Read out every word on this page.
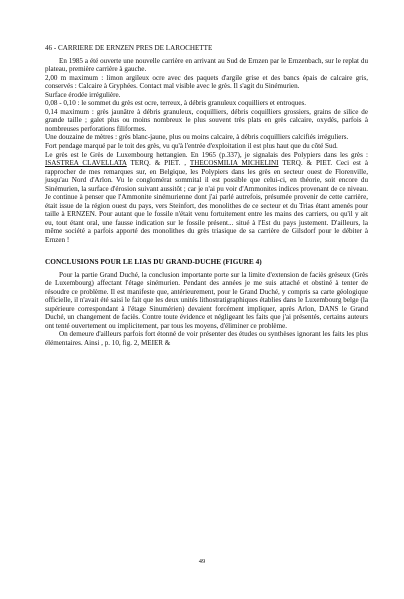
46 - CARRIERE DE ERNZEN PRES DE LAROCHETTE

En 1985 a été ouverte une nouvelle carrière en arrivant au Sud de Ernzen par le Ernzenbach, sur le replat du plateau, première carrière à gauche.

2,00 m maximum : limon argileux ocre avec des paquets d'argile grise et des bancs épais de calcaire gris, conservés : Calcaire à Gryphées. Contact mal visible avec le grès. Il s'agit du Sinémurien.

Surface érodée irrégulière.

0,08 - 0,10 : le sommet du grès est ocre, terreux, à débris granuleux coquilliers et entroques.

0,14 maximum : grès jaunâtre à débris granuleux, coquilliers, débris coquilliers grossiers, grains de silice de grande taille ; galet plus ou moins nombreux le plus souvent très plats en grès calcaire, oxydés, parfois à nombreuses perforations filiformes.

Une douzaine de mètres : grès blanc-jaune, plus ou moins calcaire, à débris coquilliers calcifiés irréguliers.

Fort pendage marqué par le toit des grès, vu qu'à l'entrée d'exploitation il est plus haut que du côté Sud.

Le grès est le Grès de Luxembourg hettangien. En 1965 (p.337), je signalais des Polypiers dans les grès : ISASTREA CLAVELLATA TERQ. & PIET. , THECOSMILIA MICHELINI TERQ. & PIET. Ceci est à rapprocher de mes remarques sur, en Belgique, les Polypiers dans les grès en secteur ouest de Florenville, jusqu'au Nord d'Arlon. Vu le conglomérat sommital il est possible que celui-ci, en théorie, soit encore du Sinémurien, la surface d'érosion suivant aussitôt ; car je n'ai pu voir d'Ammonites indices provenant de ce niveau. Je continue à penser que l'Ammonite sinémurienne dont j'ai parlé autrefois, présumée provenir de cette carrière, était issue de la région ouest du pays, vers Steinfort, des monolithes de ce secteur et du Trias étant amenés pour taille à ERNZEN. Pour autant que le fossile n'était venu fortuitement entre les mains des carriers, ou qu'il y ait eu, tout étant oral, une fausse indication sur le fossile présent... situé à l'Est du pays justement. D'ailleurs, la même société a parfois apporté des monolithes du grès triasique de sa carrière de Gilsdorf pour le débiter à Ernzen !

CONCLUSIONS POUR LE LIAS DU GRAND-DUCHE (FIGURE 4)

Pour la partie Grand Duché, la conclusion importante porte sur la limite d'extension de faciès gréseux (Grès de Luxembourg) affectant l'étage sinémurien. Pendant des années je me suis attaché et obstiné à tenter de résoudre ce problème. Il est manifeste que, antérieurement, pour le Grand Duché, y compris sa carte géologique officielle, il n'avait été saisi le fait que les deux unités lithostratigraphiques établies dans le Luxembourg belge (la supérieure correspondant à l'étage Sinumérien) devaient forcément impliquer, après Arlon, DANS le Grand Duché, un changement de faciès. Contre toute évidence et négligeant les faits que j'ai présentés, certains auteurs ont tenté ouvertement ou implicitement, par tous les moyens, d'éliminer ce problème.

On demeure d'ailleurs parfois fort étonné de voir présenter des études ou synthèses ignorant les faits les plus élémentaires. Ainsi , p. 10, fig. 2, MEIER &

49
